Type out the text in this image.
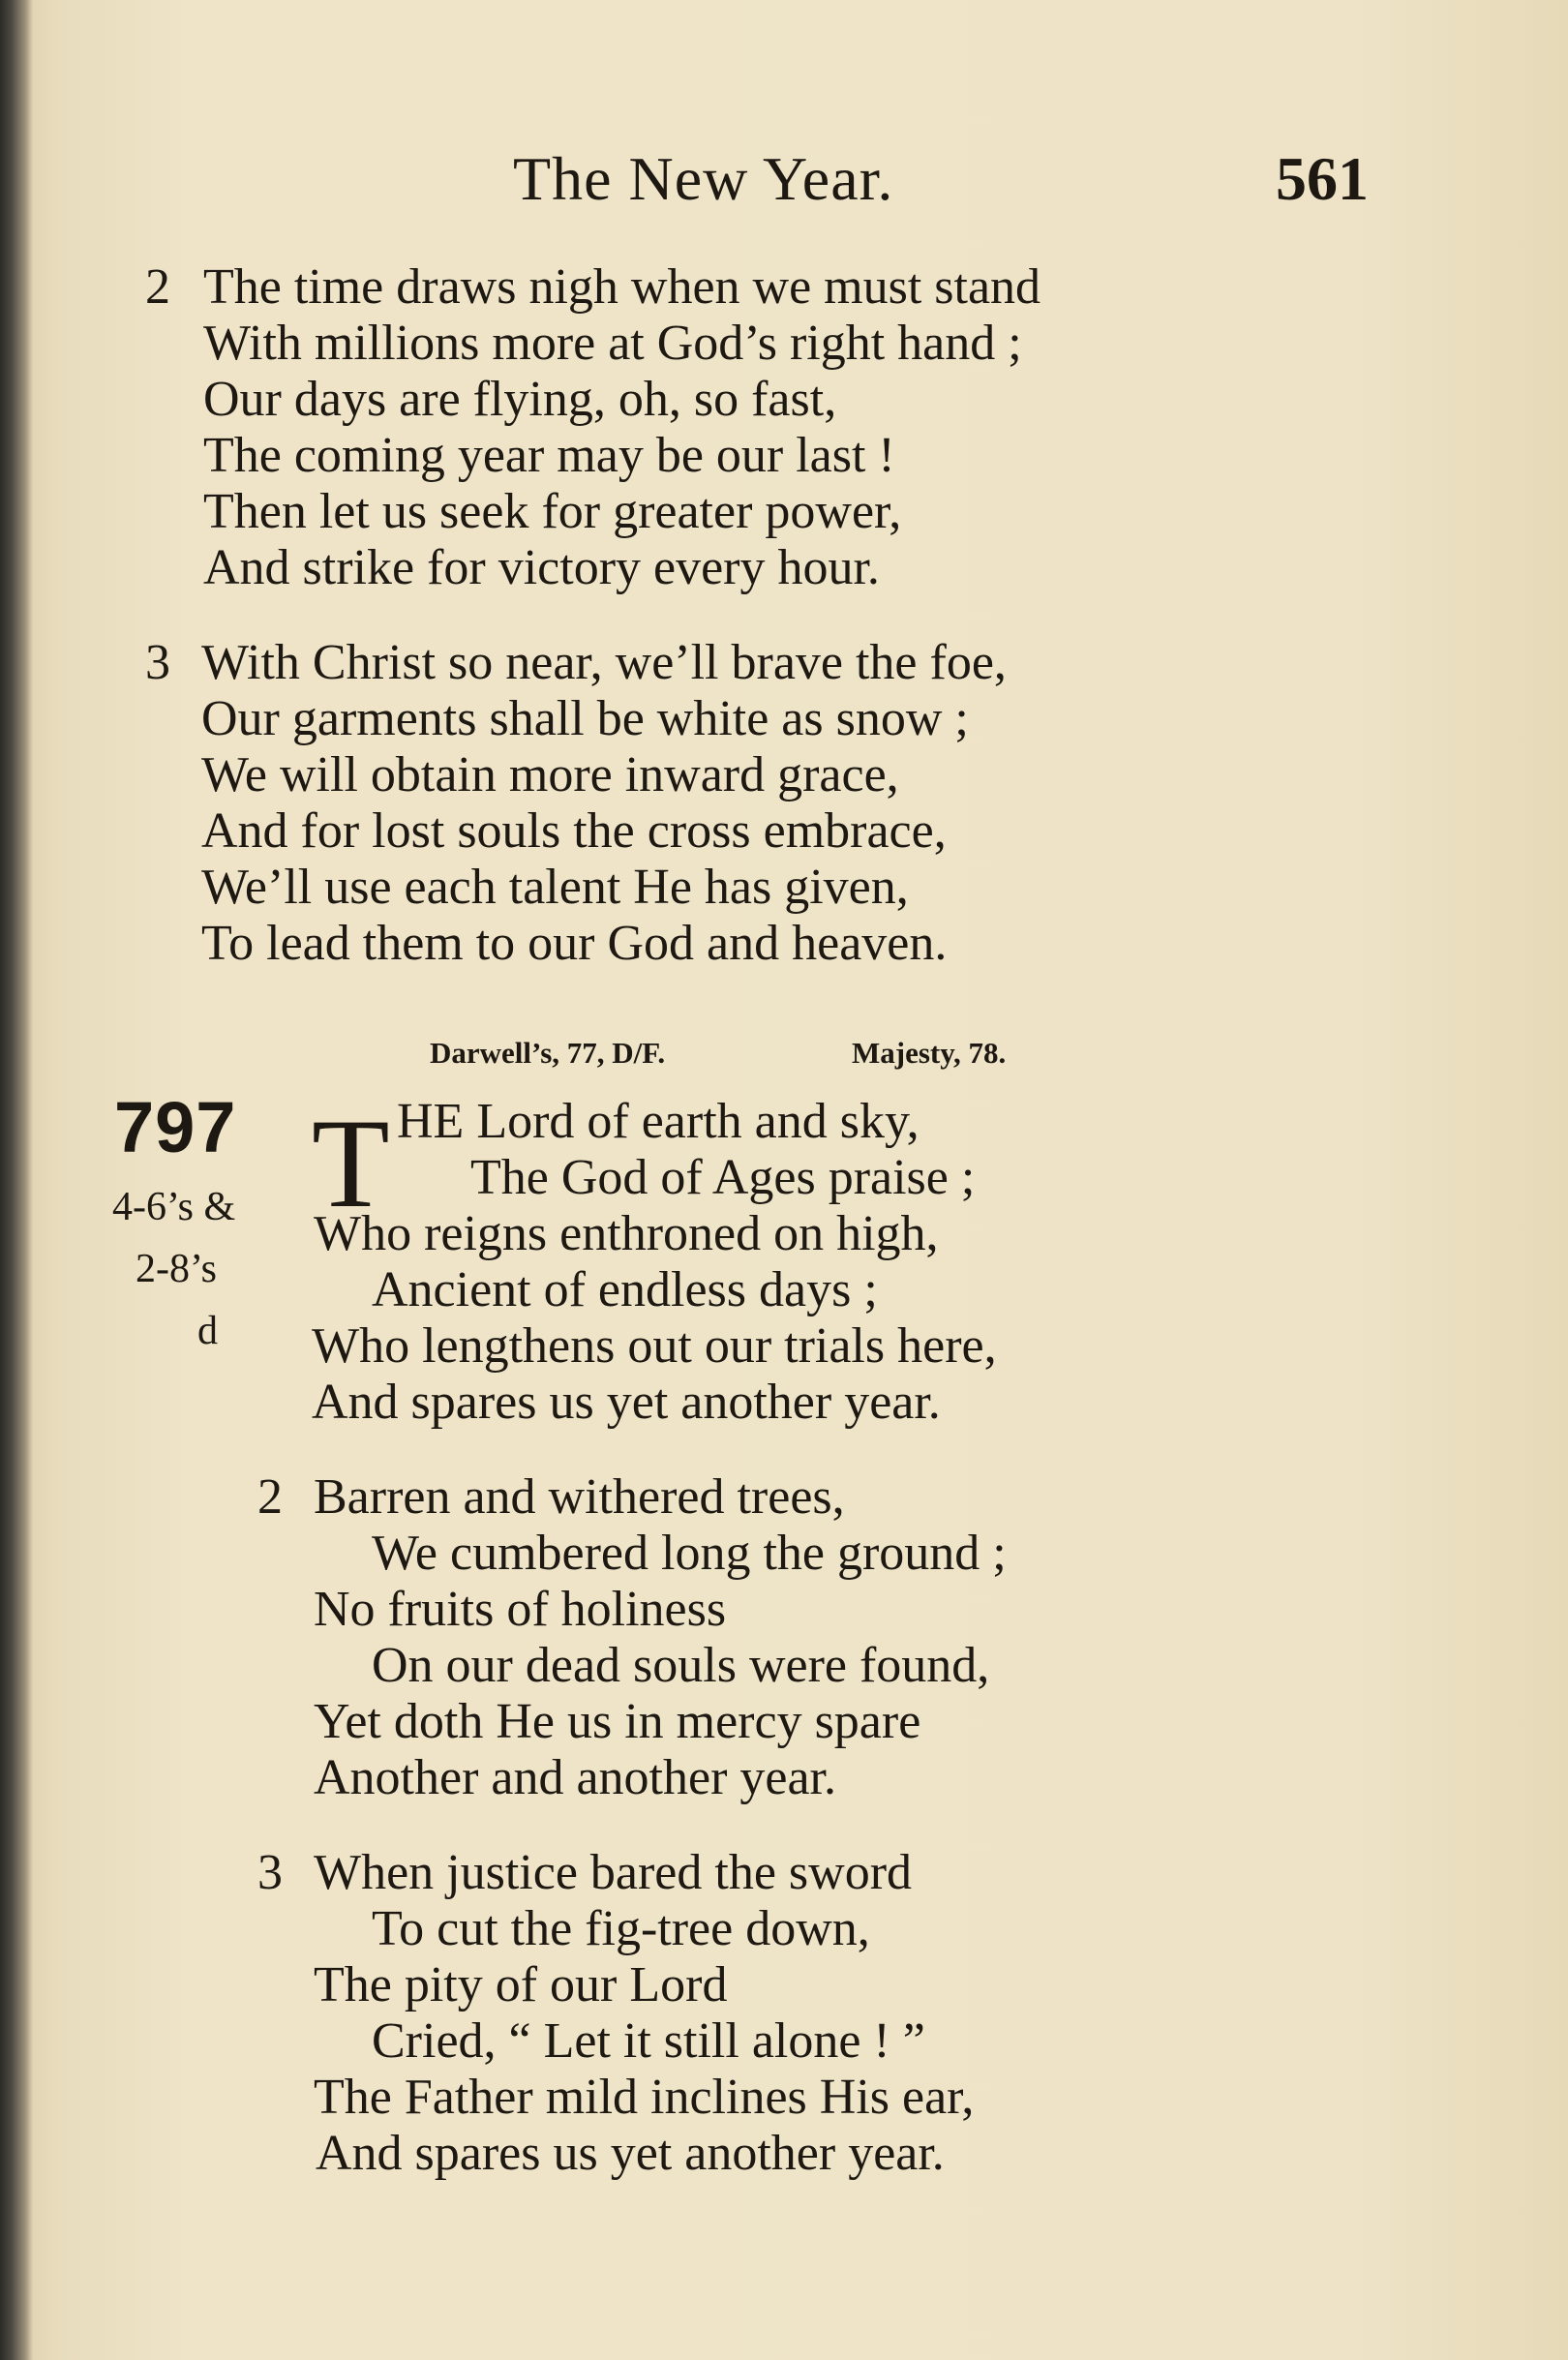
The New Year.	561
2 The time draws nigh when we must stand
With millions more at God’s right hand ;
Our days are flying, oh, so fast,
The coming year may be our last !
Then let us seek for greater power,
And strike for victory every hour.
3 With Christ so near, we’ll brave the foe,
Our garments shall be white as snow ;
We will obtain more inward grace,
And for lost souls the cross embrace,
We’ll use each talent He has given,
To lead them to our God and heaven.
Darwell’s, 77, D/F.	Majesty, 78.
797
4-6’s &
2-8’s
d
T HE Lord of earth and sky,
The God of Ages praise ;
Who reigns enthroned on high,
Ancient of endless days ;
Who lengthens out our trials here,
And spares us yet another year.
2 Barren and withered trees,
We cumbered long the ground ;
No fruits of holiness
On our dead souls were found,
Yet doth He us in mercy spare
Another and another year.
3 When justice bared the sword
To cut the fig-tree down,
The pity of our Lord
Cried, “ Let it still alone ! ”
The Father mild inclines His ear,
And spares us yet another year.
